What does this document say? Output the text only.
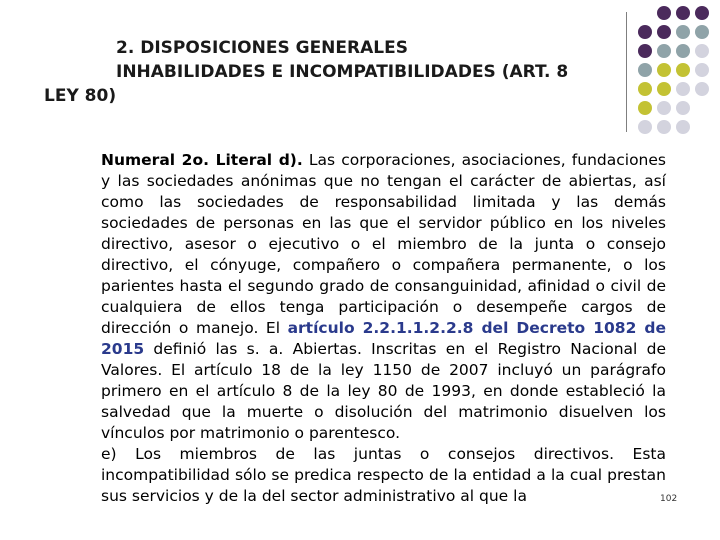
2. DISPOSICIONES GENERALES
INHABILIDADES E INCOMPATIBILIDADES (ART. 8
LEY 80)

Numeral 2o. Literal d). Las corporaciones, asociaciones, fundaciones y las sociedades anónimas que no tengan el carácter de abiertas, así como las sociedades de responsabilidad limitada y las demás sociedades de personas en las que el servidor público en los niveles directivo, asesor o ejecutivo o el miembro de la junta o consejo directivo, el cónyuge, compañero o compañera permanente, o los parientes hasta el segundo grado de consanguinidad, afinidad o civil de cualquiera de ellos tenga participación o desempeñe cargos de dirección o manejo. El artículo 2.2.1.1.2.2.8 del Decreto 1082 de 2015 definió las s. a. Abiertas. Inscritas en el Registro Nacional de Valores. El artículo 18 de la ley 1150 de 2007 incluyó un parágrafo primero en el artículo 8 de la ley 80 de 1993, en donde estableció la salvedad que la muerte o disolución del matrimonio disuelven los vínculos por matrimonio o parentesco.

e) Los miembros de las juntas o consejos directivos. Esta incompatibilidad sólo se predica respecto de la entidad a la cual prestan sus servicios y de la del sector administrativo al que la	102
